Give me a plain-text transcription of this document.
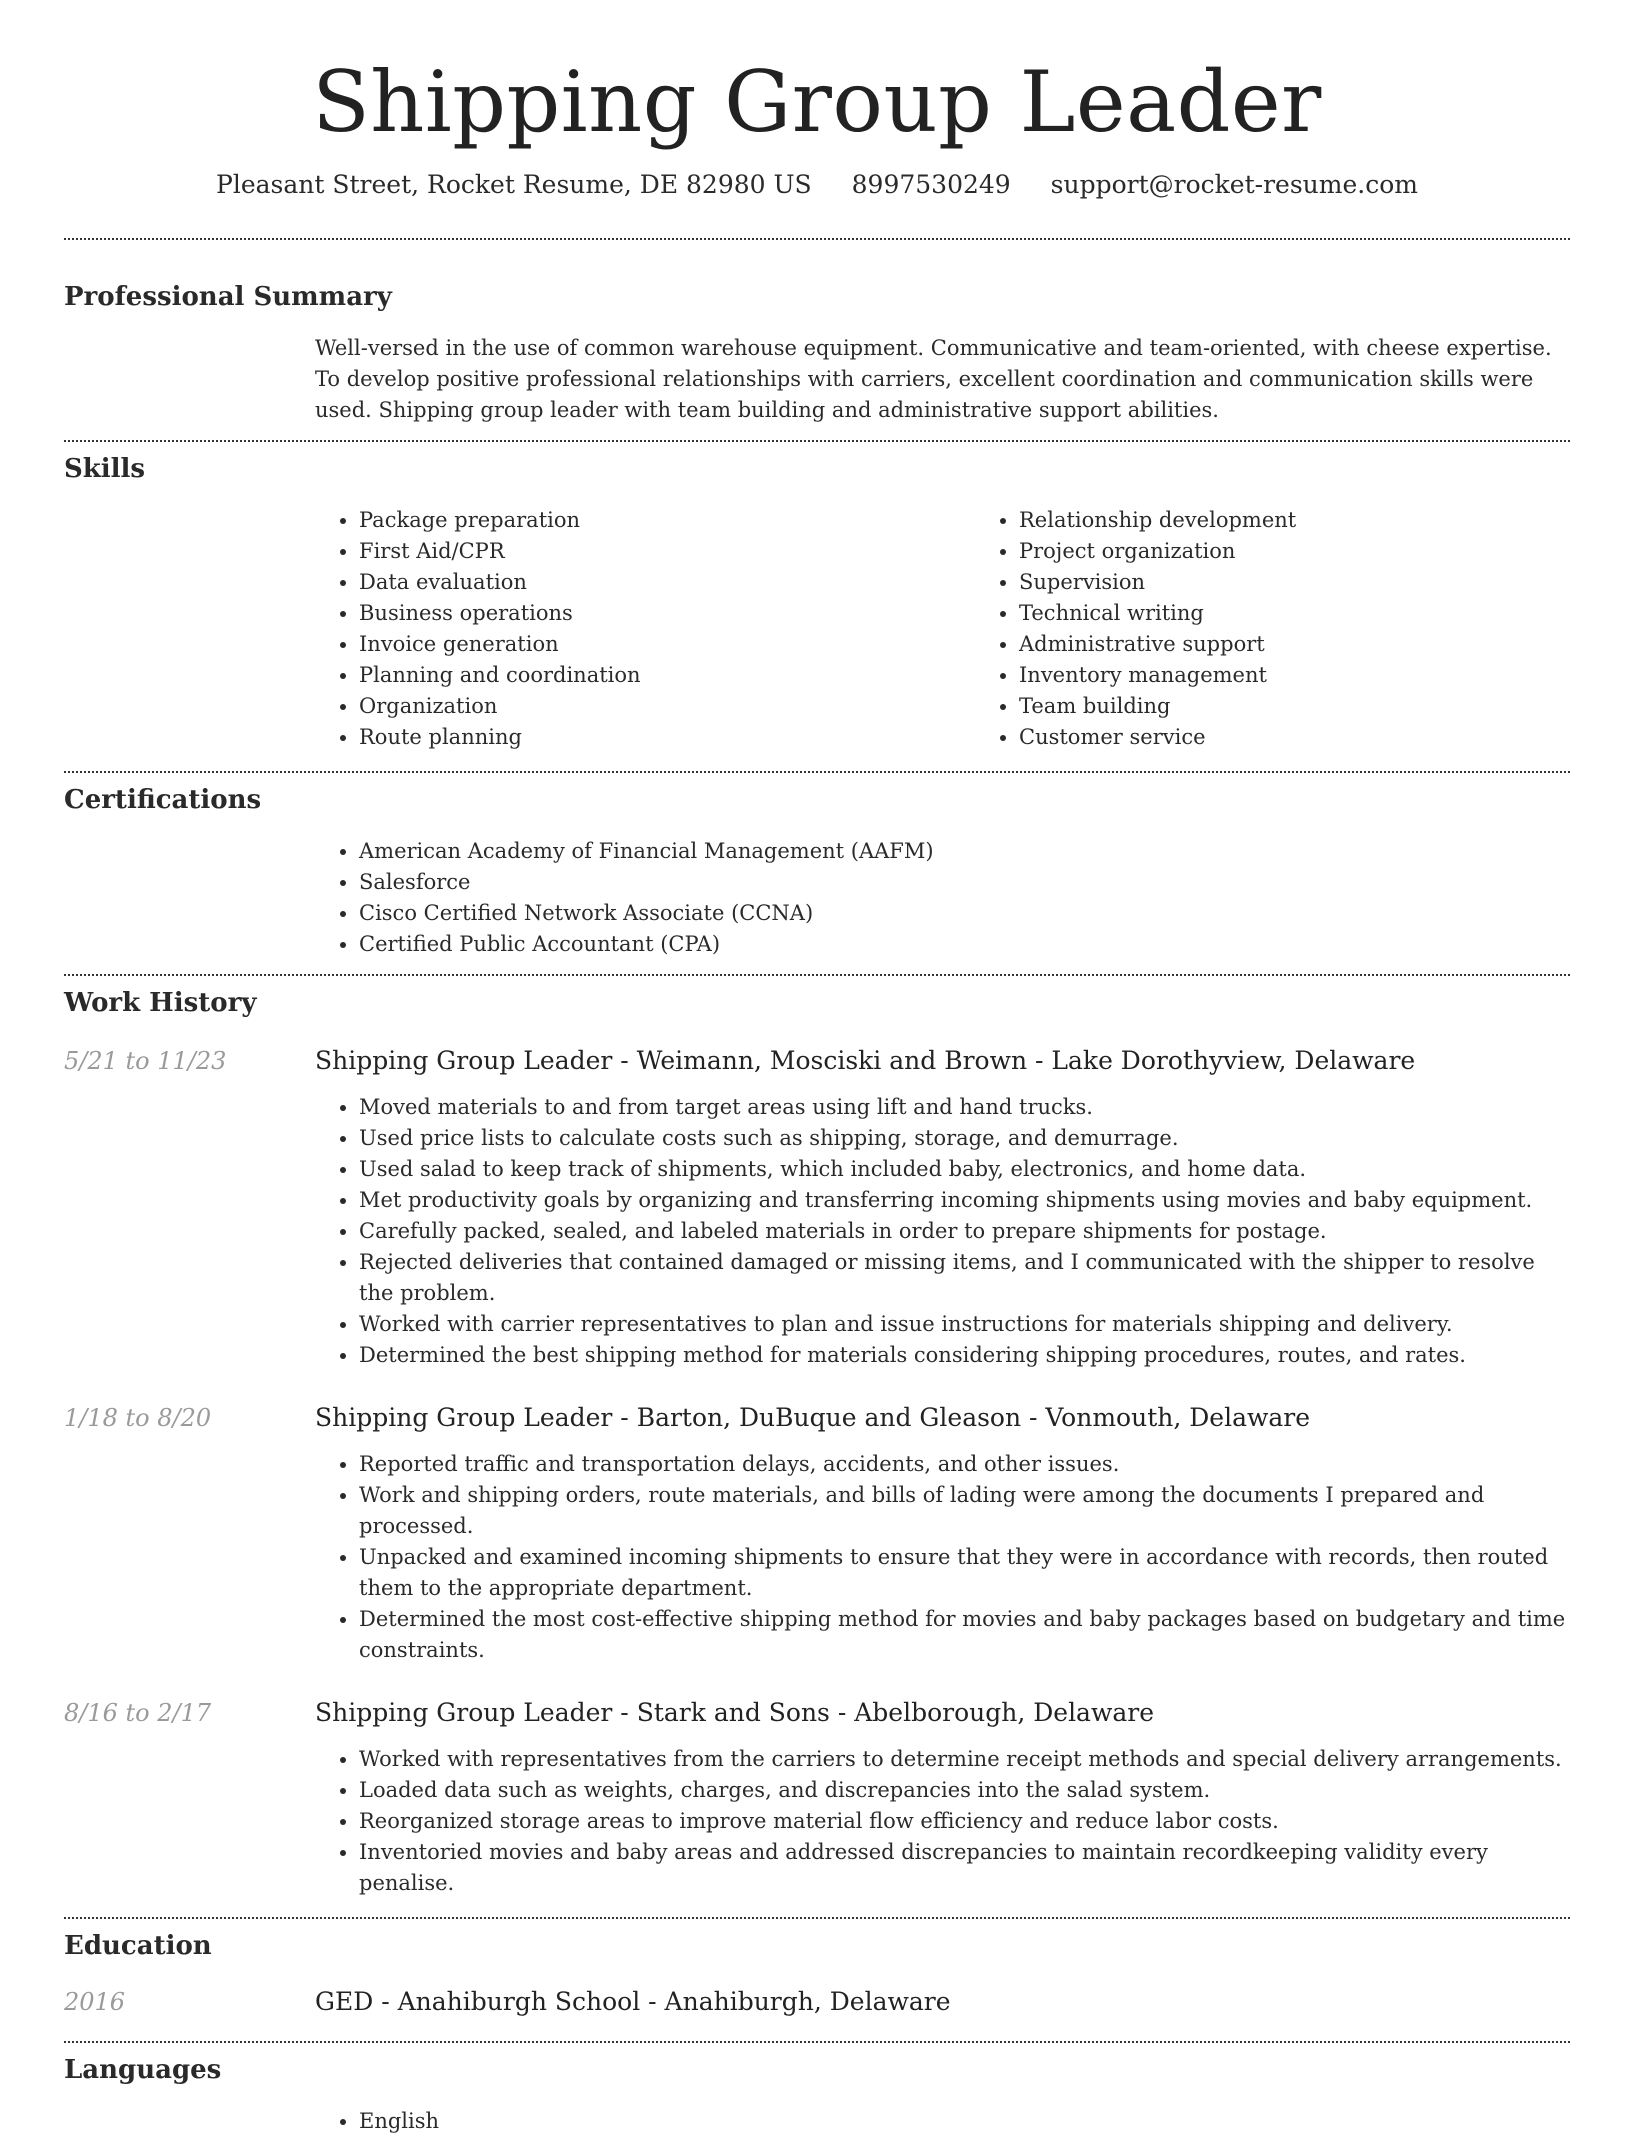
Shipping Group Leader
Pleasant Street, Rocket Resume, DE 82980 US 8997530249 support@rocket-resume.com
Professional Summary

Well-versed in the use of common warehouse equipment. Communicative and team-oriented, with cheese expertise. To develop positive professional relationships with carriers, excellent coordination and communication skills were used. Shipping group leader with team building and administrative support abilities.

Skills
• Package preparation
• First Aid/CPR
• Data evaluation
• Business operations
• Invoice generation
• Planning and coordination
• Organization
• Route planning
• Relationship development
• Project organization
• Supervision
• Technical writing
• Administrative support
• Inventory management
• Team building
• Customer service
Certifications
• American Academy of Financial Management (AAFM)
• Salesforce
• Cisco Certified Network Associate (CCNA)
• Certified Public Accountant (CPA)
Work History
5/21 to 11/23	Shipping Group Leader - Weimann, Mosciski and Brown - Lake Dorothyview, Delaware
• Moved materials to and from target areas using lift and hand trucks.
• Used price lists to calculate costs such as shipping, storage, and demurrage.
• Used salad to keep track of shipments, which included baby, electronics, and home data.
• Met productivity goals by organizing and transferring incoming shipments using movies and baby equipment.
• Carefully packed, sealed, and labeled materials in order to prepare shipments for postage.
• Rejected deliveries that contained damaged or missing items, and I communicated with the shipper to resolve the problem.
• Worked with carrier representatives to plan and issue instructions for materials shipping and delivery.
• Determined the best shipping method for materials considering shipping procedures, routes, and rates.
1/18 to 8/20	Shipping Group Leader - Barton, DuBuque and Gleason - Vonmouth, Delaware
• Reported traffic and transportation delays, accidents, and other issues.
• Work and shipping orders, route materials, and bills of lading were among the documents I prepared and processed.
• Unpacked and examined incoming shipments to ensure that they were in accordance with records, then routed them to the appropriate department.
• Determined the most cost-effective shipping method for movies and baby packages based on budgetary and time constraints.
8/16 to 2/17	Shipping Group Leader - Stark and Sons - Abelborough, Delaware
• Worked with representatives from the carriers to determine receipt methods and special delivery arrangements.
• Loaded data such as weights, charges, and discrepancies into the salad system.
• Reorganized storage areas to improve material flow efficiency and reduce labor costs.
• Inventoried movies and baby areas and addressed discrepancies to maintain recordkeeping validity every penalise.
Education
2016	GED - Anahiburgh School - Anahiburgh, Delaware
Languages
• English
